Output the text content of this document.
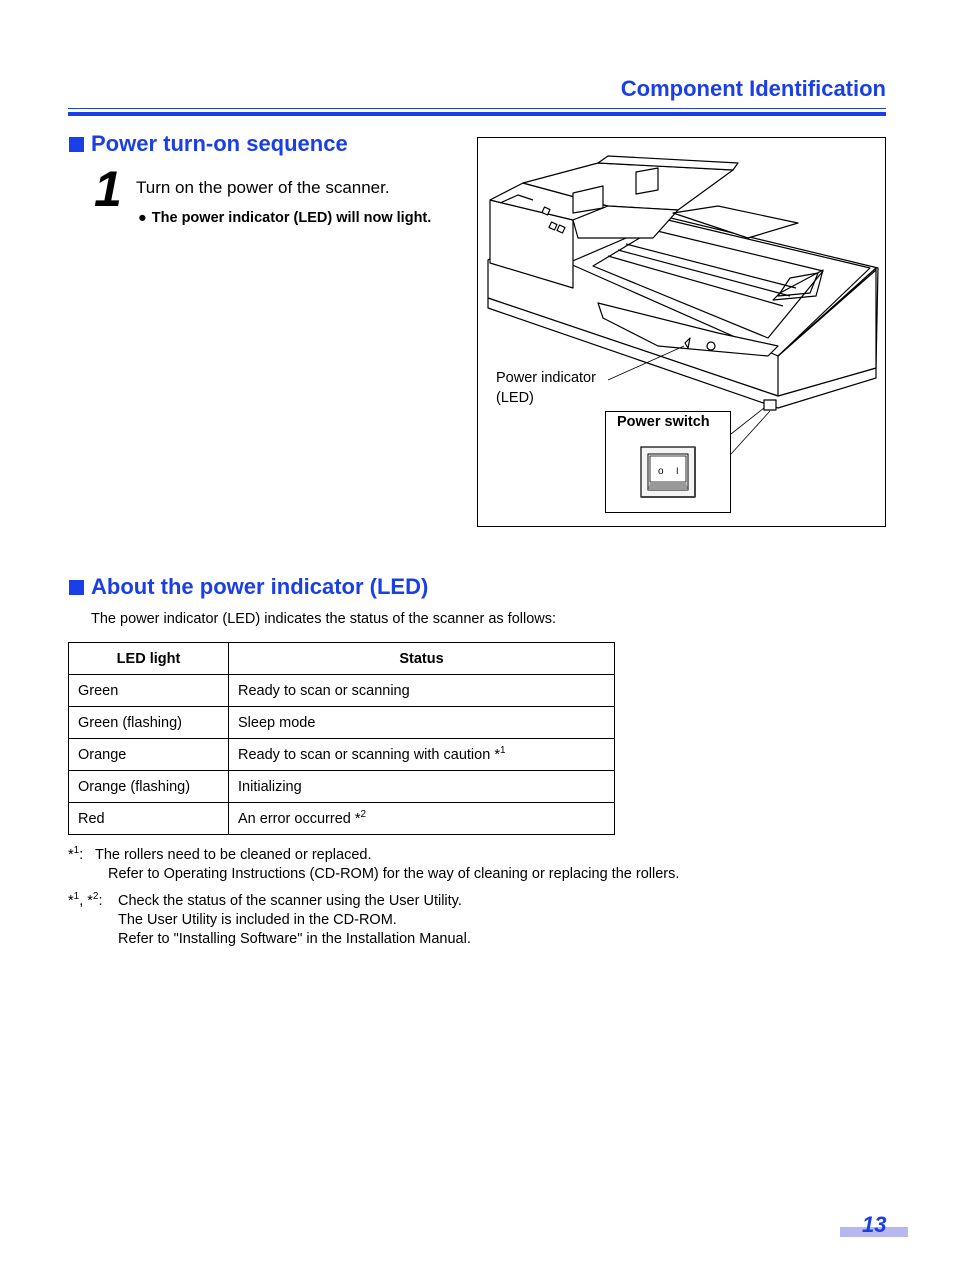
Component Identification
Power turn-on sequence
1 Turn on the power of the scanner.
● The power indicator (LED) will now light.
Power indicator
(LED)
Power switch
o I
About the power indicator (LED)
The power indicator (LED) indicates the status of the scanner as follows:
LED light	Status
Green	Ready to scan or scanning
Green (flashing)	Sleep mode
Orange	Ready to scan or scanning with caution *$^1$
Orange (flashing)	Initializing
Red	An error occurred *$^2$
*$^1$: The rollers need to be cleaned or replaced.
Refer to Operating Instructions (CD-ROM) for the way of cleaning or replacing the rollers.
*$^1$, *$^2$: Check the status of the scanner using the User Utility.
The User Utility is included in the CD-ROM.
Refer to "Installing Software" in the Installation Manual.
13
